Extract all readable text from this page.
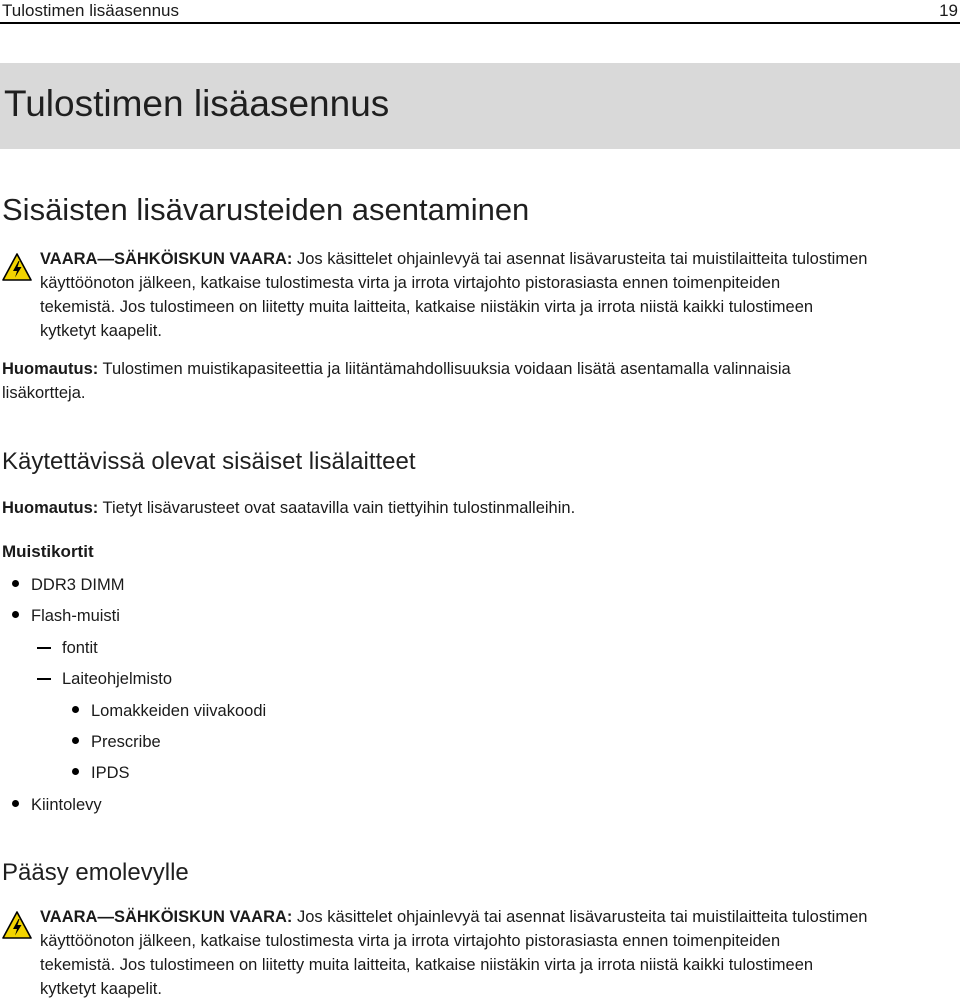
Tulostimen lisäasennus	19
Tulostimen lisäasennus
Sisäisten lisävarusteiden asentaminen
VAARA—SÄHKÖISKUN VAARA: Jos käsittelet ohjainlevyä tai asennat lisävarusteita tai muistilaitteita tulostimen
käyttöönoton jälkeen, katkaise tulostimesta virta ja irrota virtajohto pistorasiasta ennen toimenpiteiden
tekemistä. Jos tulostimeen on liitetty muita laitteita, katkaise niistäkin virta ja irrota niistä kaikki tulostimeen
kytketyt kaapelit.
Huomautus: Tulostimen muistikapasiteettia ja liitäntämahdollisuuksia voidaan lisätä asentamalla valinnaisia
lisäkortteja.
Käytettävissä olevat sisäiset lisälaitteet
Huomautus: Tietyt lisävarusteet ovat saatavilla vain tiettyihin tulostinmalleihin.
Muistikortit
DDR3 DIMM
Flash-muisti
fontit
Laiteohjelmisto
Lomakkeiden viivakoodi
Prescribe
IPDS
Kiintolevy
Pääsy emolevylle
VAARA—SÄHKÖISKUN VAARA: Jos käsittelet ohjainlevyä tai asennat lisävarusteita tai muistilaitteita tulostimen
käyttöönoton jälkeen, katkaise tulostimesta virta ja irrota virtajohto pistorasiasta ennen toimenpiteiden
tekemistä. Jos tulostimeen on liitetty muita laitteita, katkaise niistäkin virta ja irrota niistä kaikki tulostimeen
kytketyt kaapelit.
